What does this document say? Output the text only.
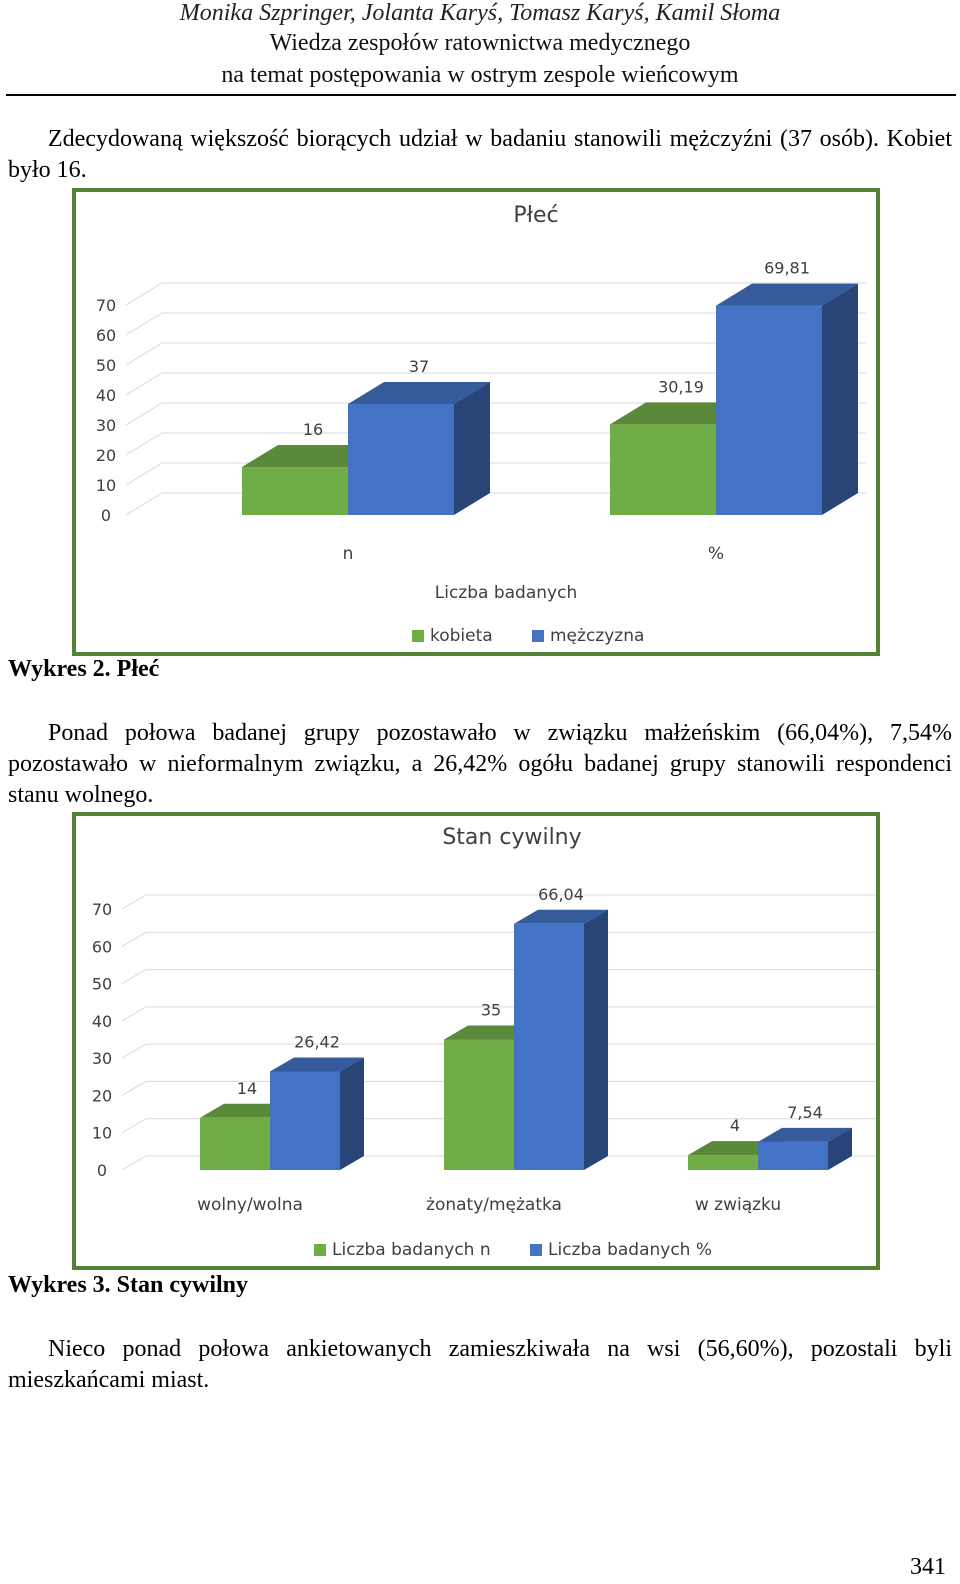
Monika Szpringer, Jolanta Karyś, Tomasz Karyś, Kamil Słoma
Wiedza zespołów ratownictwa medycznego
na temat postępowania w ostrym zespole wieńcowym
Zdecydowaną większość biorących udział w badaniu stanowili mężczyźni (37 osób). Kobiet było 16.
Płeć
0
10
20
30
40
50
60
70
16
37
n
30,19
69,81
%
Liczba badanych
kobieta	mężczyzna
Wykres 2. Płeć
Ponad połowa badanej grupy pozostawało w związku małżeńskim (66,04%), 7,54% pozostawało w nieformalnym związku, a 26,42% ogółu badanej grupy stanowili respondenci stanu wolnego.
Stan cywilny
0
10
20
30
40
50
60
70
14
26,42
wolny/wolna
35
66,04
żonaty/mężatka
4
7,54
w związku
Liczba badanych n	Liczba badanych %
Wykres 3. Stan cywilny
Nieco ponad połowa ankietowanych zamieszkiwała na wsi (56,60%), pozostali byli mieszkańcami miast.
341
